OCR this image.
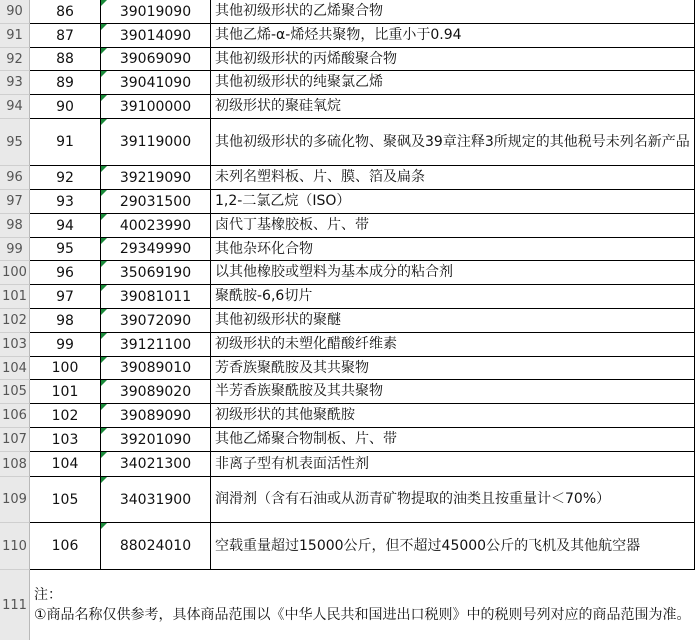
90	86	39019090 其他初级形状的乙烯聚合物
91	87	39014090 其他乙烯-α-烯烃共聚物，比重小于0.94
92	88	39069090 其他初级形状的丙烯酸聚合物
93	89	39041090 其他初级形状的纯聚氯乙烯
94	90	39100000 初级形状的聚硅氧烷
95	91	39119000 其他初级形状的多硫化物、聚砜及39章注释3所规定的其他税号未列名新产品
96	92	39219090 未列名塑料板、片、膜、箔及扁条
97	93	29031500 1,2-二氯乙烷（ISO）
98	94	40023990 卤代丁基橡胶板、片、带
99	95	29349990 其他杂环化合物
100	96	35069190 以其他橡胶或塑料为基本成分的粘合剂
101	97	39081011 聚酰胺-6,6切片
102	98	39072090 其他初级形状的聚醚
103	99	39121100 初级形状的未塑化醋酸纤维素
104	100	39089010 芳香族聚酰胺及其共聚物
105	101	39089020 半芳香族聚酰胺及其共聚物
106	102	39089090 初级形状的其他聚酰胺
107	103	39201090 其他乙烯聚合物制板、片、带
108	104	34021300 非离子型有机表面活性剂
109	105	34031900 润滑剂（含有石油或从沥青矿物提取的油类且按重量计＜70%）
110	106	88024010 空载重量超过15000公斤，但不超过45000公斤的飞机及其他航空器
111
注：
①商品名称仅供参考，具体商品范围以《中华人民共和国进出口税则》中的税则号列对应的商品范围为准。
